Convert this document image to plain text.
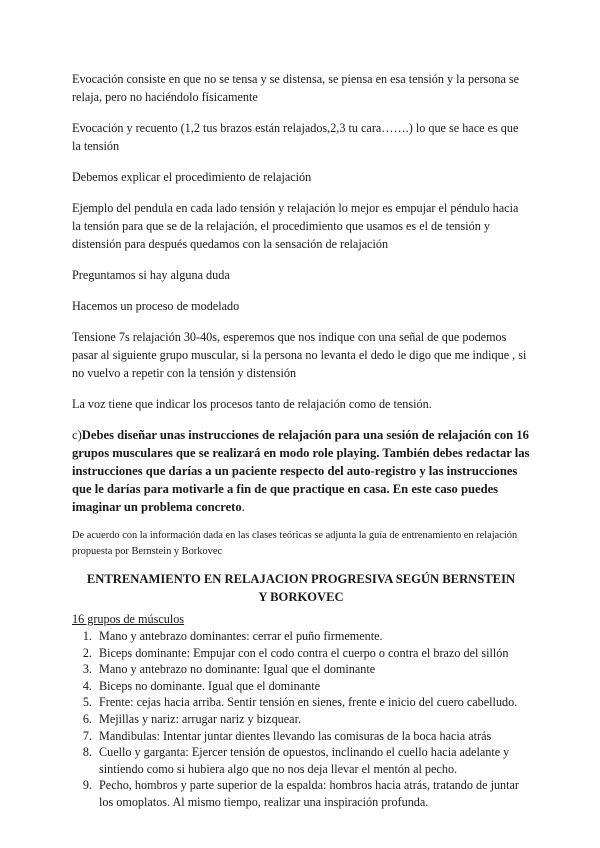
Evocación consiste en que no se tensa y se distensa, se piensa en esa tensión y la persona se relaja, pero no haciéndolo físicamente

Evocación y recuento (1,2 tus brazos están relajados,2,3 tu cara…….) lo que se hace es que la tensión

Debemos explicar el procedimiento de relajación

Ejemplo del pendula en cada lado tensión y relajación lo mejor es empujar el péndulo hacia la tensión para que se de la relajación, el procedimiento que usamos es el de tensión y distensión para después quedamos con la sensación de relajación

Preguntamos si hay alguna duda

Hacemos un proceso de modelado

Tensione 7s relajación 30-40s, esperemos que nos indique con una señal de que podemos pasar al siguiente grupo muscular, si la persona no levanta el dedo le digo que me indique , si no vuelvo a repetir con la tensión y distensión

La voz tiene que indicar los procesos tanto de relajación como de tensión.

c)Debes diseñar unas instrucciones de relajación para una sesión de relajación con 16 grupos musculares que se realizará en modo role playing. También debes redactar las instrucciones que darías a un paciente respecto del auto-registro y las instrucciones que le darías para motivarle a fin de que practique en casa. En este caso puedes imaginar un problema concreto.

De acuerdo con la información dada en las clases teóricas se adjunta la guía de entrenamiento en relajación propuesta por Bernstein y Borkovec

ENTRENAMIENTO EN RELAJACION PROGRESIVA SEGÚN BERNSTEIN Y BORKOVEC
16 grupos de músculos
1. Mano y antebrazo dominantes: cerrar el puño firmemente.
2. Biceps dominante: Empujar con el codo contra el cuerpo o contra el brazo del sillón
3. Mano y antebrazo no dominante: Igual que el dominante
4. Biceps no dominante. Igual que el dominante
5. Frente: cejas hacia arriba. Sentir tensión en sienes, frente e inicio del cuero cabelludo.
6. Mejillas y nariz: arrugar nariz y bizquear.
7. Mandibulas: Intentar juntar dientes llevando las comisuras de la boca hacia atrás
8. Cuello y garganta: Ejercer tensión de opuestos, inclinando el cuello hacia adelante y sintiendo como si hubiera algo que no nos deja llevar el mentón al pecho.
9. Pecho, hombros y parte superior de la espalda: hombros hacia atrás, tratando de juntar los omoplatos. Al mismo tiempo, realizar una inspiración profunda.
